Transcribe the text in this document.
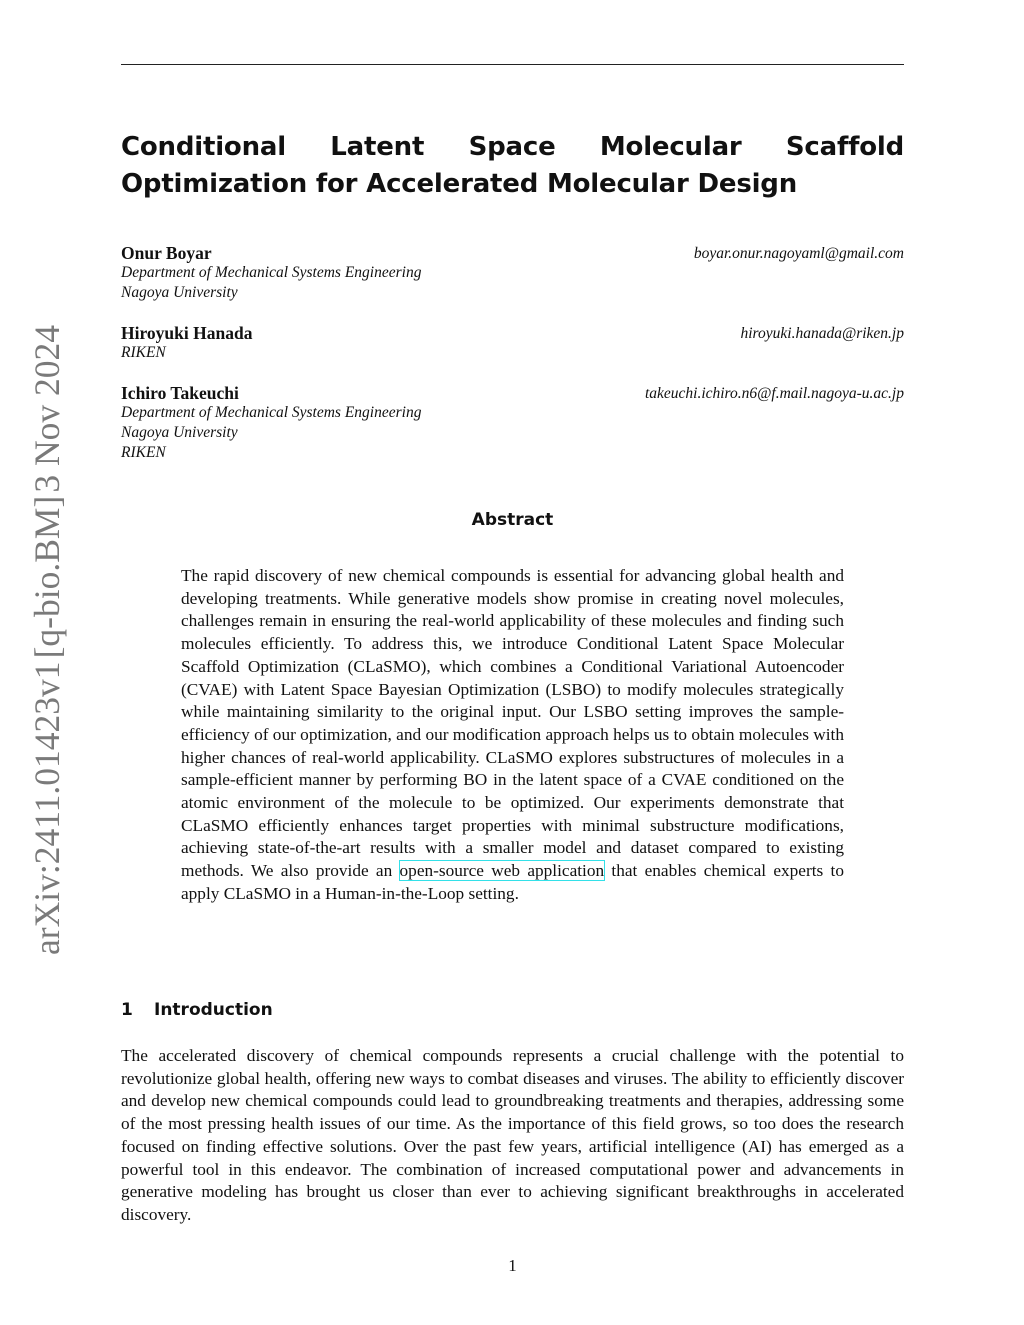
arXiv:2411.01423v1
[q-bio.BM]
3 Nov 2024
Conditional Latent Space Molecular Scaffold Optimization for Accelerated Molecular Design
Onur Boyar	boyar.onur.nagoyaml@gmail.com
Department of Mechanical Systems Engineering
Nagoya University
Hiroyuki Hanada	hiroyuki.hanada@riken.jp
RIKEN
Ichiro Takeuchi	takeuchi.ichiro.n6@f.mail.nagoya-u.ac.jp
Department of Mechanical Systems Engineering
Nagoya University
RIKEN
Abstract

The rapid discovery of new chemical compounds is essential for advancing global health and developing treatments. While generative models show promise in creating novel molecules, challenges remain in ensuring the real-world applicability of these molecules and finding such molecules efficiently. To address this, we introduce Conditional Latent Space Molecular Scaffold Optimization (CLaSMO), which combines a Conditional Variational Autoencoder (CVAE) with Latent Space Bayesian Optimization (LSBO) to modify molecules strategically while maintaining similarity to the original input. Our LSBO setting improves the sample-efficiency of our optimization, and our modification approach helps us to obtain molecules with higher chances of real-world applicability. CLaSMO explores substructures of molecules in a sample-efficient manner by performing BO in the latent space of a CVAE conditioned on the atomic environment of the molecule to be optimized. Our experiments demonstrate that CLaSMO efficiently enhances target properties with minimal substructure modifications, achieving state-of-the-art results with a smaller model and dataset compared to existing methods. We also provide an open-source web application that enables chemical experts to apply CLaSMO in a Human-in-the-Loop setting.

1 Introduction

The accelerated discovery of chemical compounds represents a crucial challenge with the potential to revolutionize global health, offering new ways to combat diseases and viruses. The ability to efficiently discover and develop new chemical compounds could lead to groundbreaking treatments and therapies, addressing some of the most pressing health issues of our time. As the importance of this field grows, so too does the research focused on finding effective solutions. Over the past few years, artificial intelligence (AI) has emerged as a powerful tool in this endeavor. The combination of increased computational power and advancements in generative modeling has brought us closer than ever to achieving significant breakthroughs in accelerated discovery.

1
